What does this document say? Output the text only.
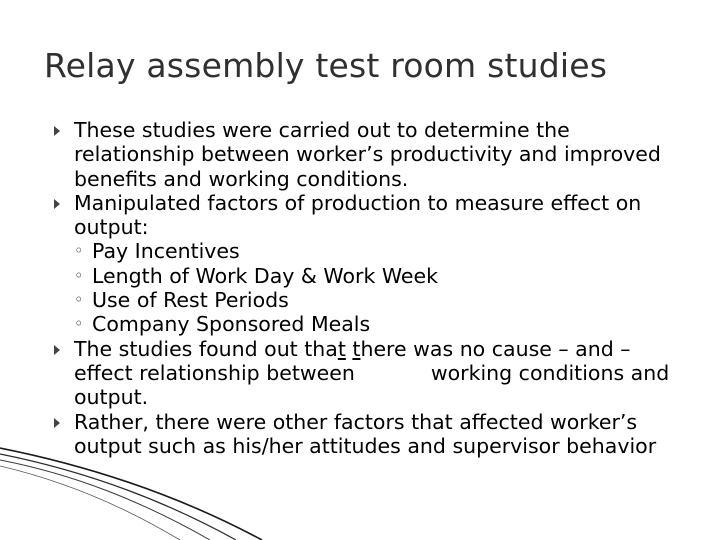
Relay assembly test room studies
These studies were carried out to determine the relationship between worker’s productivity and improved benefits and working conditions.
Manipulated factors of production to measure effect on output:
◦ Pay Incentives
◦ Length of Work Day & Work Week
◦ Use of Rest Periods
◦ Company Sponsored Meals
The studies found out that there was no cause – and – effect relationship between	working conditions and output.
Rather, there were other factors that affected worker’s output such as his/her attitudes and supervisor behavior
